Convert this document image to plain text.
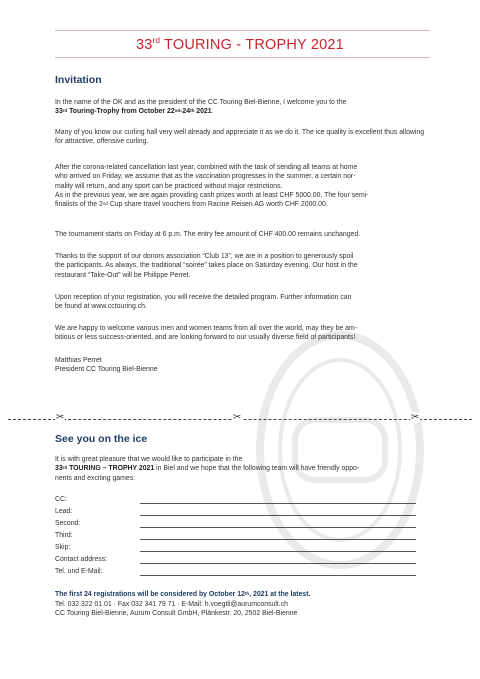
33rd TOURING - TROPHY 2021
Invitation
In the name of the OK and as the president of the CC Touring Biel-Bienne, I welcome you to the
33rd Touring-Trophy from October 22nd-24th 2021.
Many of you know our curling hall very well already and appreciate it as we do it. The ice quality is excellent thus allowing for attractive, offensive curling.
After the corona-related cancellation last year, combined with the task of sending all teams at home
who arrived on Friday, we assume that as the vaccination progresses in the summer, a certain nor-
mality will return, and any sport can be practiced without major restrictions.
As in the previous year, we are again providing cash prizes worth at least CHF 5000.00. The four semi-
finalists of the 2nd Cup share travel vouchers from Racine Reisen AG worth CHF 2000.00.
The tournament starts on Friday at 6 p.m. The entry fee amount of CHF 400.00 remains unchanged.
Thanks to the support of our donors association “Club 13”, we are in a position to generously spoil
the participants. As always, the traditional “soirée” takes place on Saturday evening. Our host in the
restaurant “Take-Out” will be Philippe Perret.
Upon reception of your registration, you will receive the detailed program. Further information can
be found at www.cctouring.ch.
We are happy to welcome various men and women teams from all over the world, may they be am-
bitious or less success-oriented, and are looking forward to our usually diverse field of participants!
Matthias Perret
President CC Touring Biel-Bienne
✂	✂	✂
See you on the ice
It is with great pleasure that we would like to participate in the
33rd TOURING – TROPHY 2021 in Biel and we hope that the following team will have friendly oppo-
nents and exciting games:
CC:
Lead:
Second:
Third:
Skip:
Contact address:
Tel. und E-Mail:
The first 24 registrations will be considered by October 12th, 2021 at the latest.
Tel. 032 322 01 01 · Fax 032 341 79 71 · E-Mail: h.voegtli@aurumconsult.ch
CC Touring Biel-Bienne, Aurum Consult GmbH, Plänkestr. 20, 2502 Biel-Bienne
